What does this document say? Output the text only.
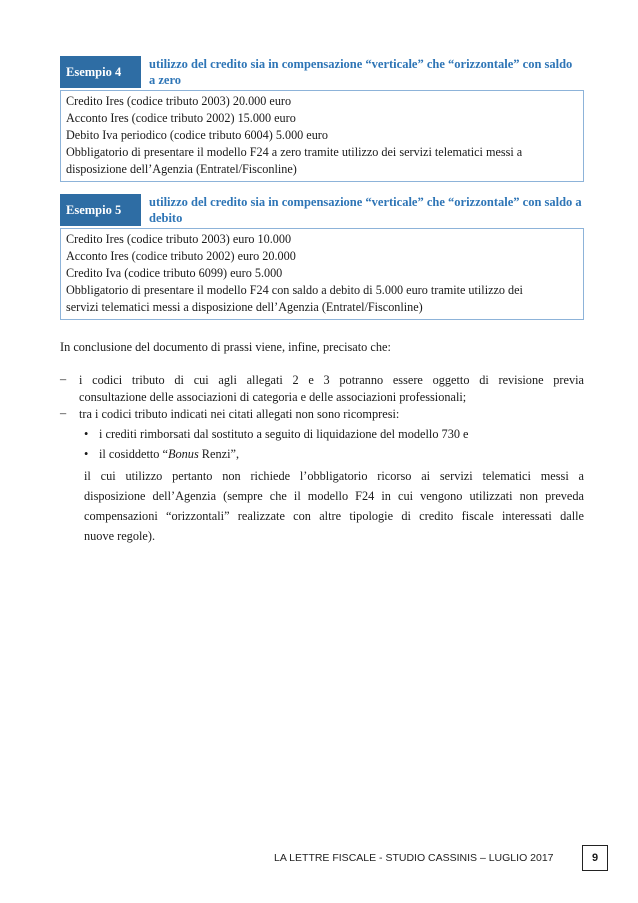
Esempio 4
utilizzo del credito sia in compensazione “verticale” che “orizzontale” con saldo
a zero
Credito Ires (codice tributo 2003) 20.000 euro
Acconto Ires (codice tributo 2002) 15.000 euro
Debito Iva periodico (codice tributo 6004) 5.000 euro
Obbligatorio di presentare il modello F24 a zero tramite utilizzo dei servizi telematici messi a
disposizione dell’Agenzia (Entratel/Fisconline)
Esempio 5
utilizzo del credito sia in compensazione “verticale” che “orizzontale” con saldo a
debito
Credito Ires (codice tributo 2003) euro 10.000
Acconto Ires (codice tributo 2002) euro 20.000
Credito Iva (codice tributo 6099) euro 5.000
Obbligatorio di presentare il modello F24 con saldo a debito di 5.000 euro tramite utilizzo dei
servizi telematici messi a disposizione dell’Agenzia (Entratel/Fisconline)
In conclusione del documento di prassi viene, infine, precisato che:
– i codici tributo di cui agli allegati 2 e 3 potranno essere oggetto di revisione previa
consultazione delle associazioni di categoria e delle associazioni professionali;
– tra i codici tributo indicati nei citati allegati non sono ricompresi:
• i crediti rimborsati dal sostituto a seguito di liquidazione del modello 730 e
• il cosiddetto “Bonus Renzi”,
il cui utilizzo pertanto non richiede l’obbligatorio ricorso ai servizi telematici messi a
disposizione dell’Agenzia (sempre che il modello F24 in cui vengono utilizzati non preveda
compensazioni “orizzontali” realizzate con altre tipologie di credito fiscale interessati dalle
nuove regole).
LA LETTRE FISCALE - STUDIO CASSINIS – LUGLIO 2017	9
